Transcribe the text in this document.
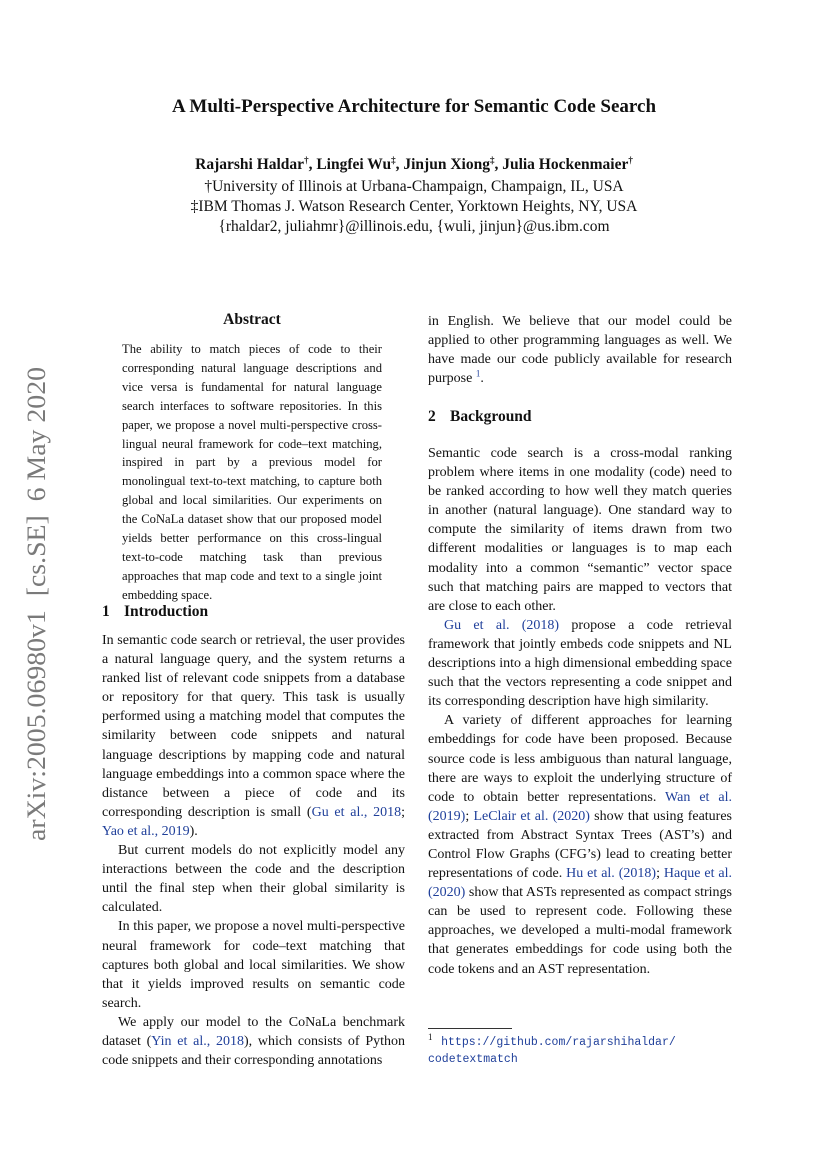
A Multi-Perspective Architecture for Semantic Code Search
Rajarshi Haldar†, Lingfei Wu‡, Jinjun Xiong‡, Julia Hockenmaier†
†University of Illinois at Urbana-Champaign, Champaign, IL, USA
‡IBM Thomas J. Watson Research Center, Yorktown Heights, NY, USA
{rhaldar2, juliahmr}@illinois.edu, {wuli, jinjun}@us.ibm.com
arXiv:2005.06980v1  [cs.SE]  6 May 2020
Abstract
The ability to match pieces of code to their corresponding natural language descriptions and vice versa is fundamental for natural language search interfaces to software repositories. In this paper, we propose a novel multi-perspective cross-lingual neural framework for code–text matching, inspired in part by a previous model for monolingual text-to-text matching, to capture both global and local similarities. Our experiments on the CoNaLa dataset show that our proposed model yields better performance on this cross-lingual text-to-code matching task than previous approaches that map code and text to a single joint embedding space.
1 Introduction

In semantic code search or retrieval, the user provides a natural language query, and the system returns a ranked list of relevant code snippets from a database or repository for that query. This task is usually performed using a matching model that computes the similarity between code snippets and natural language descriptions by mapping code and natural language embeddings into a common space where the distance between a piece of code and its corresponding description is small (Gu et al., 2018; Yao et al., 2019).

But current models do not explicitly model any interactions between the code and the description until the final step when their global similarity is calculated.

In this paper, we propose a novel multi-perspective neural framework for code–text matching that captures both global and local similarities. We show that it yields improved results on semantic code search.

We apply our model to the CoNaLa benchmark dataset (Yin et al., 2018), which consists of Python code snippets and their corresponding annotations

in English. We believe that our model could be applied to other programming languages as well. We have made our code publicly available for research purpose $^1$.

2 Background

Semantic code search is a cross-modal ranking problem where items in one modality (code) need to be ranked according to how well they match queries in another (natural language). One standard way to compute the similarity of items drawn from two different modalities or languages is to map each modality into a common “semantic” vector space such that matching pairs are mapped to vectors that are close to each other.

Gu et al. (2018) propose a code retrieval framework that jointly embeds code snippets and NL descriptions into a high dimensional embedding space such that the vectors representing a code snippet and its corresponding description have high similarity.

A variety of different approaches for learning embeddings for code have been proposed. Because source code is less ambiguous than natural language, there are ways to exploit the underlying structure of code to obtain better representations. Wan et al. (2019); LeClair et al. (2020) show that using features extracted from Abstract Syntax Trees (AST’s) and Control Flow Graphs (CFG’s) lead to creating better representations of code. Hu et al. (2018); Haque et al. (2020) show that ASTs represented as compact strings can be used to represent code. Following these approaches, we developed a multi-modal framework that generates embeddings for code using both the code tokens and an AST representation.

$^1$ https://github.com/rajarshihaldar/
codetextmatch
